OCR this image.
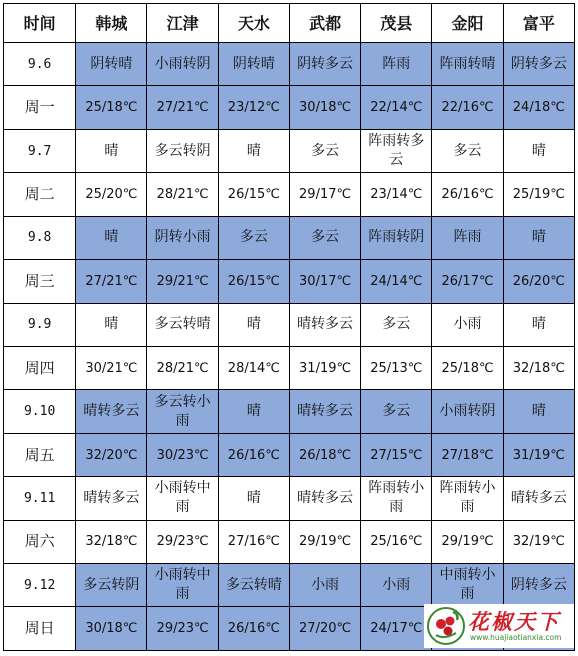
时间	韩城	江津	天水	武都	茂县	金阳	富平
9.6	阴转晴	小雨转阴	阴转晴	阴转多云	阵雨	阵雨转晴	阴转多云
周一	25/18℃	27/21℃	23/12℃	30/18℃	22/14℃	22/16℃	24/18℃
9.7	晴	多云转阴	晴	多云	阵雨转多云	多云	晴
周二	25/20℃	28/21℃	26/15℃	29/17℃	23/14℃	26/16℃	25/19℃
9.8	晴	阴转小雨	多云	多云	阵雨转阴	阵雨	晴
周三	27/21℃	29/21℃	26/15℃	30/17℃	24/14℃	26/17℃	26/20℃
9.9	晴	多云转晴	晴	晴转多云	多云	小雨	晴
周四	30/21℃	28/21℃	28/14℃	31/19℃	25/13℃	25/18℃	32/18℃
9.10	晴转多云	多云转小雨	晴	晴转多云	多云	小雨转阴	晴
周五	32/20℃	30/23℃	26/16℃	26/18℃	27/15℃	27/18℃	31/19℃
9.11	晴转多云	小雨转中雨	晴	晴转多云	阵雨转小雨	阵雨转小雨	晴转多云
周六	32/18℃	29/23℃	27/16℃	29/19℃	25/16℃	29/19℃	32/19℃
9.12	多云转阴	小雨转中雨	多云转晴	小雨	小雨	中雨转小雨	阴转多云
周日	30/18℃	29/23℃	26/16℃	27/20℃	24/17℃		花椒天下
www.huajiaotianxia.com
